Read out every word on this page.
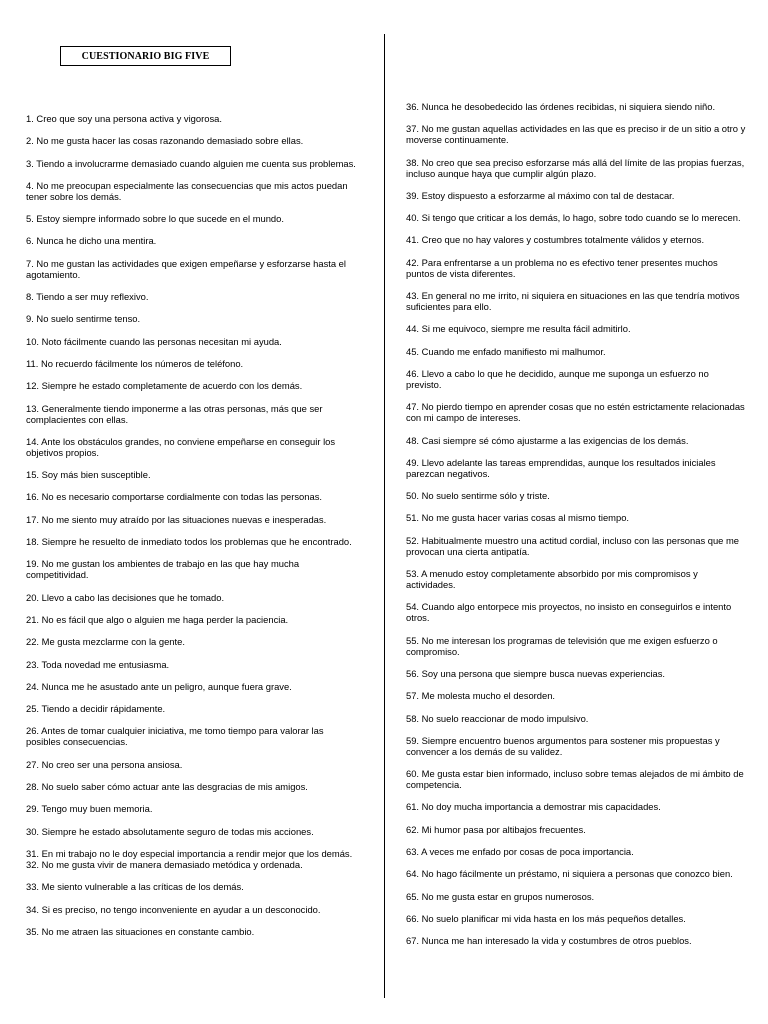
CUESTIONARIO BIG FIVE
1. Creo que soy una persona activa y vigorosa.
2. No me gusta hacer las cosas razonando demasiado sobre ellas.
3. Tiendo a involucrarme demasiado cuando alguien me cuenta sus problemas.
4. No me preocupan especialmente las consecuencias que mis actos puedan tener sobre los demás.
5. Estoy siempre informado sobre lo que sucede en el mundo.
6. Nunca he dicho una mentira.
7. No me gustan las actividades que exigen empeñarse y esforzarse hasta el agotamiento.
8. Tiendo a ser muy reflexivo.
9. No suelo sentirme tenso.
10. Noto fácilmente cuando las personas necesitan mi ayuda.
11. No recuerdo fácilmente los números de teléfono.
12. Siempre he estado completamente de acuerdo con los demás.
13. Generalmente tiendo imponerme a las otras personas, más que ser complacientes con ellas.
14. Ante los obstáculos grandes, no conviene empeñarse en conseguir los objetivos propios.
15. Soy más bien susceptible.
16. No es necesario comportarse cordialmente con todas las personas.
17. No me siento muy atraído por las situaciones nuevas e inesperadas.
18. Siempre he resuelto de inmediato todos los problemas que he encontrado.
19. No me gustan los ambientes de trabajo en las que hay mucha competitividad.
20. Llevo a cabo las decisiones que he tomado.
21. No es fácil que algo o alguien me haga perder la paciencia.
22. Me gusta mezclarme con la gente.
23. Toda novedad me entusiasma.
24. Nunca me he asustado ante un peligro, aunque fuera grave.
25. Tiendo a decidir rápidamente.
26. Antes de tomar cualquier iniciativa, me tomo tiempo para valorar las posibles consecuencias.
27. No creo ser una persona ansiosa.
28. No suelo saber cómo actuar ante las desgracias de mis amigos.
29. Tengo muy buen memoria.
30. Siempre he estado absolutamente seguro de todas mis acciones.
31. En mi trabajo no le doy especial importancia a rendir mejor que los demás.
32. No me gusta vivir de manera demasiado metódica y ordenada.
33. Me siento vulnerable a las críticas de los demás.
34. Si es preciso, no tengo inconveniente en ayudar a un desconocido.
35. No me atraen las situaciones en constante cambio.
36. Nunca he desobedecido las órdenes recibidas, ni siquiera siendo niño.
37. No me gustan aquellas actividades en las que es preciso ir de un sitio a otro y moverse continuamente.
38. No creo que sea preciso esforzarse más allá del límite de las propias fuerzas, incluso aunque haya que cumplir algún plazo.
39. Estoy dispuesto a esforzarme al máximo con tal de destacar.
40. Si tengo que criticar a los demás, lo hago, sobre todo cuando se lo merecen.
41. Creo que no hay valores y costumbres totalmente válidos y eternos.
42. Para enfrentarse a un problema no es efectivo tener presentes muchos puntos de vista diferentes.
43. En general no me irrito, ni siquiera en situaciones en las que tendría motivos suficientes para ello.
44. Si me equivoco, siempre me resulta fácil admitirlo.
45. Cuando me enfado manifiesto mi malhumor.
46. Llevo a cabo lo que he decidido, aunque me suponga un esfuerzo no previsto.
47. No pierdo tiempo en aprender cosas que no estén estrictamente relacionadas con mi campo de intereses.
48. Casi siempre sé cómo ajustarme a las exigencias de los demás.
49. Llevo adelante las tareas emprendidas, aunque los resultados iniciales parezcan negativos.
50. No suelo sentirme sólo y triste.
51. No me gusta hacer varias cosas al mismo tiempo.
52. Habitualmente muestro una actitud cordial, incluso con las personas que me provocan una cierta antipatía.
53. A menudo estoy completamente absorbido por mis compromisos y actividades.
54. Cuando algo entorpece mis proyectos, no insisto en conseguirlos e intento otros.
55. No me interesan los programas de televisión que me exigen esfuerzo o compromiso.
56. Soy una persona que siempre busca nuevas experiencias.
57. Me molesta mucho el desorden.
58. No suelo reaccionar de modo impulsivo.
59. Siempre encuentro buenos argumentos para sostener mis propuestas y convencer a los demás de su validez.
60. Me gusta estar bien informado, incluso sobre temas alejados de mi ámbito de competencia.
61. No doy mucha importancia a demostrar mis capacidades.
62. Mi humor pasa por altibajos frecuentes.
63. A veces me enfado por cosas de poca importancia.
64. No hago fácilmente un préstamo, ni siquiera a personas que conozco bien.
65. No me gusta estar en grupos numerosos.
66. No suelo planificar mi vida hasta en los más pequeños detalles.
67. Nunca me han interesado la vida y costumbres de otros pueblos.
